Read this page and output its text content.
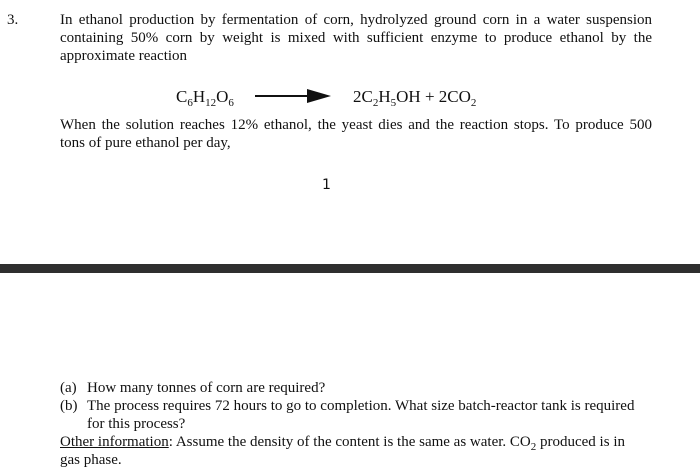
3.	In ethanol production by fermentation of corn, hydrolyzed ground corn in a water suspension
containing 50% corn by weight is mixed with sufficient enzyme to produce ethanol by the
approximate reaction
$C_6H_{12}O_6$	$2C_2H_5OH + 2CO_2$
When the solution reaches 12% ethanol, the yeast dies and the reaction stops. To produce 500
tons of pure ethanol per day,
1
(a) How many tonnes of corn are required?
(b) The process requires 72 hours to go to completion. What size batch-reactor tank is required
for this process?
Other information: Assume the density of the content is the same as water. $CO_2$ produced is in
gas phase.
